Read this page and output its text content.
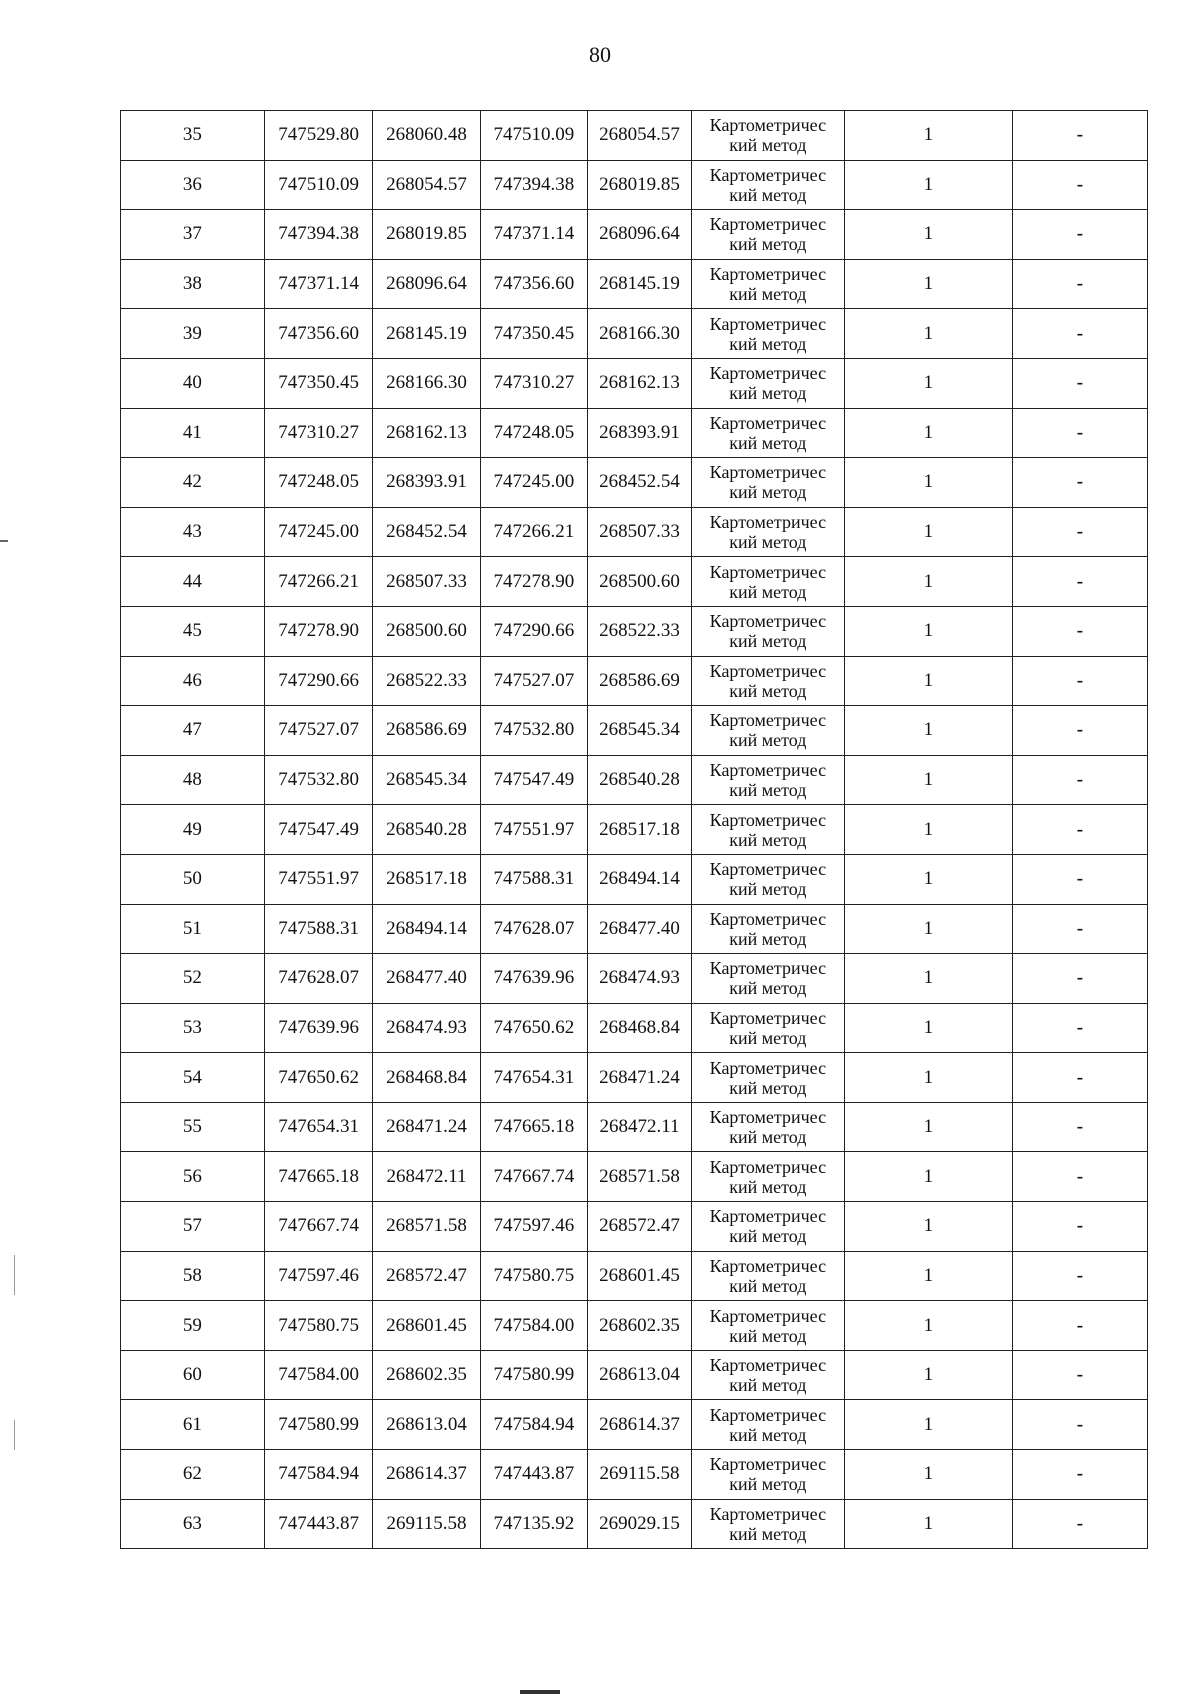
80
35	747529.80	268060.48	747510.09	268054.57	Картометричес
кий метод	1	-
36	747510.09	268054.57	747394.38	268019.85	Картометричес
кий метод	1	-
37	747394.38	268019.85	747371.14	268096.64	Картометричес
кий метод	1	-
38	747371.14	268096.64	747356.60	268145.19	Картометричес
кий метод	1	-
39	747356.60	268145.19	747350.45	268166.30	Картометричес
кий метод	1	-
40	747350.45	268166.30	747310.27	268162.13	Картометричес
кий метод	1	-
41	747310.27	268162.13	747248.05	268393.91	Картометричес
кий метод	1	-
42	747248.05	268393.91	747245.00	268452.54	Картометричес
кий метод	1	-
43	747245.00	268452.54	747266.21	268507.33	Картометричес
кий метод	1	-
44	747266.21	268507.33	747278.90	268500.60	Картометричес
кий метод	1	-
45	747278.90	268500.60	747290.66	268522.33	Картометричес
кий метод	1	-
46	747290.66	268522.33	747527.07	268586.69	Картометричес
кий метод	1	-
47	747527.07	268586.69	747532.80	268545.34	Картометричес
кий метод	1	-
48	747532.80	268545.34	747547.49	268540.28	Картометричес
кий метод	1	-
49	747547.49	268540.28	747551.97	268517.18	Картометричес
кий метод	1	-
50	747551.97	268517.18	747588.31	268494.14	Картометричес
кий метод	1	-
51	747588.31	268494.14	747628.07	268477.40	Картометричес
кий метод	1	-
52	747628.07	268477.40	747639.96	268474.93	Картометричес
кий метод	1	-
53	747639.96	268474.93	747650.62	268468.84	Картометричес
кий метод	1	-
54	747650.62	268468.84	747654.31	268471.24	Картометричес
кий метод	1	-
55	747654.31	268471.24	747665.18	268472.11	Картометричес
кий метод	1	-
56	747665.18	268472.11	747667.74	268571.58	Картометричес
кий метод	1	-
57	747667.74	268571.58	747597.46	268572.47	Картометричес
кий метод	1	-
58	747597.46	268572.47	747580.75	268601.45	Картометричес
кий метод	1	-
59	747580.75	268601.45	747584.00	268602.35	Картометричес
кий метод	1	-
60	747584.00	268602.35	747580.99	268613.04	Картометричес
кий метод	1	-
61	747580.99	268613.04	747584.94	268614.37	Картометричес
кий метод	1	-
62	747584.94	268614.37	747443.87	269115.58	Картометричес
кий метод	1	-
63	747443.87	269115.58	747135.92	269029.15	Картометричес
кий метод	1	-
